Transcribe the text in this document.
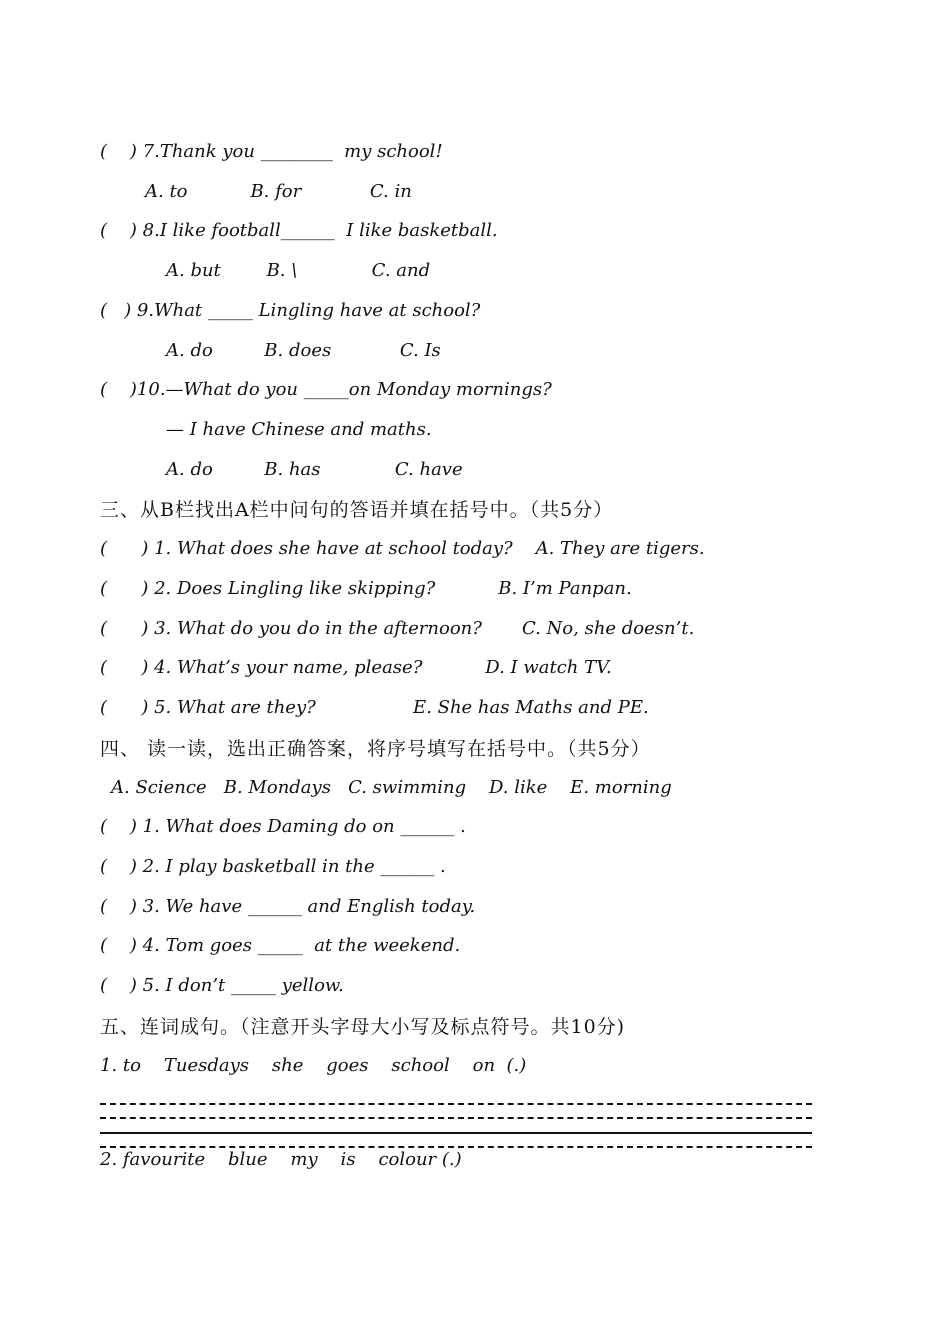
(    ) 7.Thank you ________  my school!
A. to           B. for            C. in
(    ) 8.I like football______  I like basketball.
A. but        B. \             C. and
(   ) 9.What _____ Lingling have at school?
A. do         B. does            C. Is
(    )10.—What do you _____on Monday mornings?
— I have Chinese and maths.
A. do         B. has             C. have
三、从B栏找出A栏中问句的答语并填在括号中。（共5分）
(      ) 1. What does she have at school today?    A. They are tigers.
(      ) 2. Does Lingling like skipping?           B. I’m Panpan.
(      ) 3. What do you do in the afternoon?       C. No, she doesn’t.
(      ) 4. What’s your name, please?           D. I watch TV.
(      ) 5. What are they?                 E. She has Maths and PE.
四、 读一读，选出正确答案，将序号填写在括号中。（共5分）
A. Science   B. Mondays   C. swimming    D. like    E. morning
(    ) 1. What does Daming do on ______ .
(    ) 2. I play basketball in the ______ .
(    ) 3. We have ______ and English today.
(    ) 4. Tom goes _____  at the weekend.
(    ) 5. I don’t _____ yellow.
五、连词成句。（注意开头字母大小写及标点符号。共10分)
1. to    Tuesdays    she    goes    school    on  (.)
2. favourite    blue    my    is    colour (.)
